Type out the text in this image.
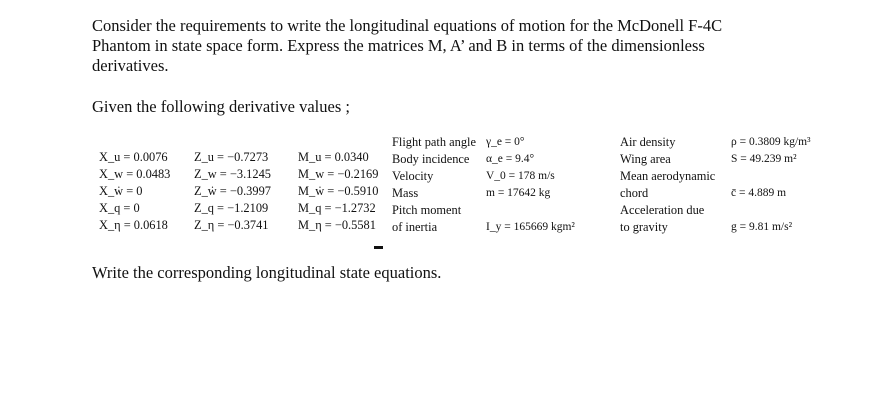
Consider the requirements to write the longitudinal equations of motion for the McDonell F-4C
Phantom in state space form. Express the matrices M, A’ and B in terms of the dimensionless
derivatives.
Given the following derivative values ;
X_u = 0.0076
X_w = 0.0483
X_ẇ = 0
X_q = 0
X_η = 0.0618
Z_u = −0.7273
Z_w = −3.1245
Z_ẇ = −0.3997
Z_q = −1.2109
Z_η = −0.3741
M_u = 0.0340
M_w = −0.2169
M_ẇ = −0.5910
M_q = −1.2732
M_η = −0.5581
Flight path angle
Body incidence
Velocity
Mass
Pitch moment
of inertia
γ_e = 0°
α_e = 9.4°
V_0 = 178 m/s
m = 17642 kg
I_y = 165669 kgm²
Air density
Wing area
Mean aerodynamic
chord
Acceleration due
to gravity
ρ = 0.3809 kg/m³
S = 49.239 m²
c̄ = 4.889 m
g = 9.81 m/s²
Write the corresponding longitudinal state equations.
